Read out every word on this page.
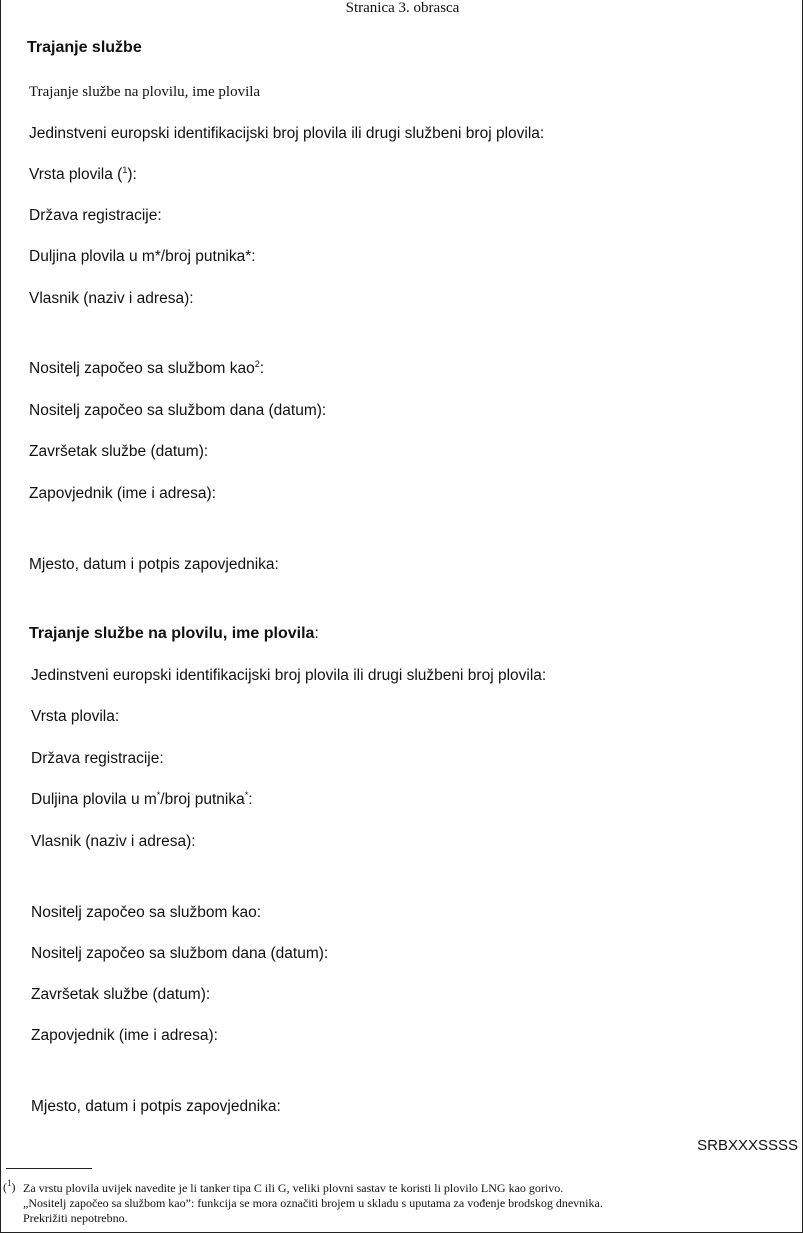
Stranica 3. obrasca
Trajanje službe
Trajanje službe na plovilu, ime plovila
Jedinstveni europski identifikacijski broj plovila ili drugi službeni broj plovila:
Vrsta plovila ($^1$):
Država registracije:
Duljina plovila u m*/broj putnika*:
Vlasnik (naziv i adresa):
Nositelj započeo sa službom kao$^2$:
Nositelj započeo sa službom dana (datum):
Završetak službe (datum):
Zapovjednik (ime i adresa):
Mjesto, datum i potpis zapovjednika:
Trajanje službe na plovilu, ime plovila:
Jedinstveni europski identifikacijski broj plovila ili drugi službeni broj plovila:
Vrsta plovila:
Država registracije:
Duljina plovila u m*/broj putnika*:
Vlasnik (naziv i adresa):
Nositelj započeo sa službom kao:
Nositelj započeo sa službom dana (datum):
Završetak službe (datum):
Zapovjednik (ime i adresa):
Mjesto, datum i potpis zapovjednika:
SRBXXXSSSS
($^1$) Za vrstu plovila uvijek navedite je li tanker tipa C ili G, veliki plovni sastav te koristi li plovilo LNG kao gorivo.
„Nositelj započeo sa službom kao”: funkcija se mora označiti brojem u skladu s uputama za vođenje brodskog dnevnika.
Prekrižiti nepotrebno.
